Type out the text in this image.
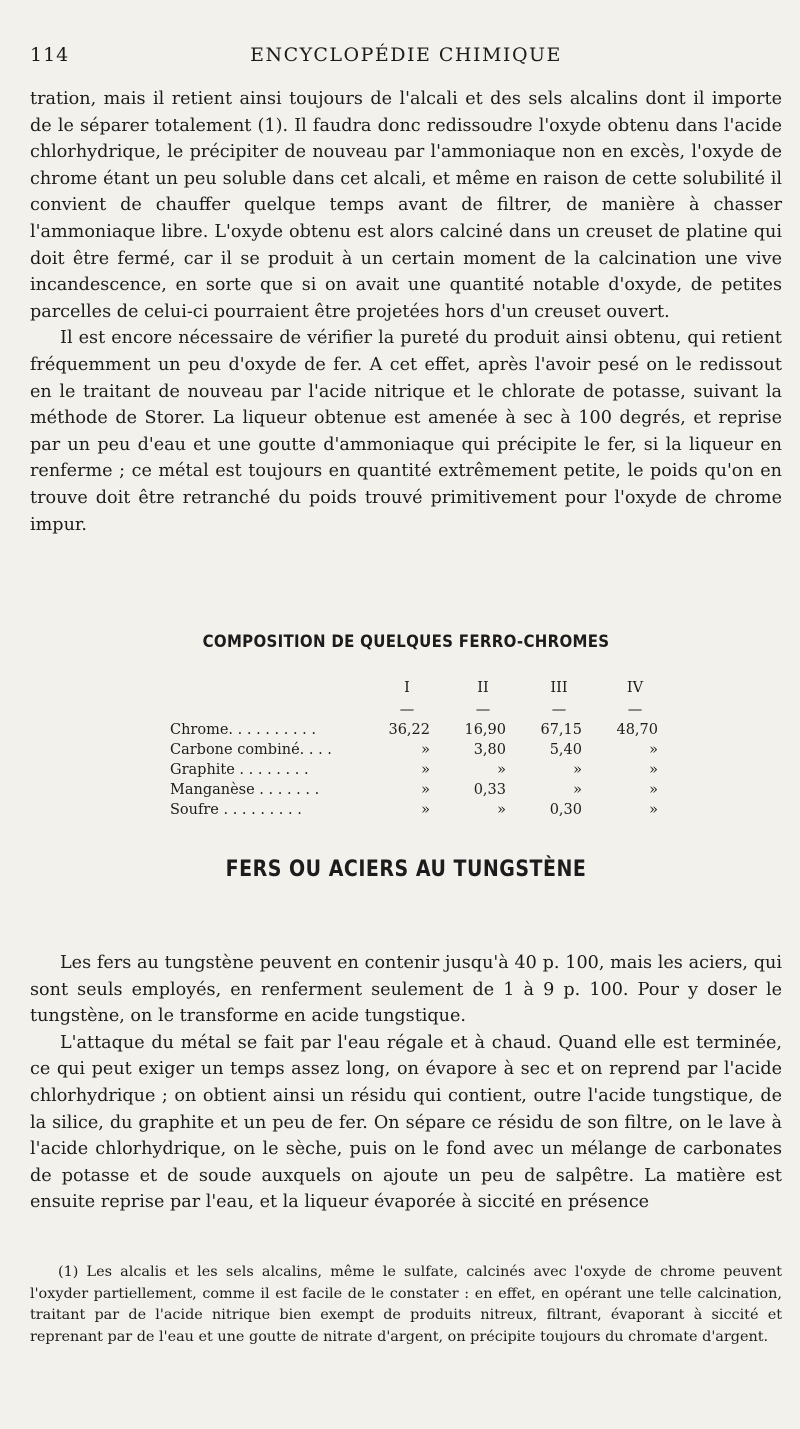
114	ENCYCLOPÉDIE CHIMIQUE

tration, mais il retient ainsi toujours de l'alcali et des sels alcalins dont il importe de le séparer totalement (1). Il faudra donc redissoudre l'oxyde obtenu dans l'acide chlorhydrique, le précipiter de nouveau par l'ammoniaque non en excès, l'oxyde de chrome étant un peu soluble dans cet alcali, et même en raison de cette solubilité il convient de chauffer quelque temps avant de filtrer, de manière à chasser l'ammoniaque libre. L'oxyde obtenu est alors calciné dans un creuset de platine qui doit être fermé, car il se produit à un certain moment de la calcination une vive incandescence, en sorte que si on avait une quantité notable d'oxyde, de petites parcelles de celui-ci pourraient être projetées hors d'un creuset ouvert.

Il est encore nécessaire de vérifier la pureté du produit ainsi obtenu, qui retient fréquemment un peu d'oxyde de fer. A cet effet, après l'avoir pesé on le redissout en le traitant de nouveau par l'acide nitrique et le chlorate de potasse, suivant la méthode de Storer. La liqueur obtenue est amenée à sec à 100 degrés, et reprise par un peu d'eau et une goutte d'ammoniaque qui précipite le fer, si la liqueur en renferme ; ce métal est toujours en quantité extrêmement petite, le poids qu'on en trouve doit être retranché du poids trouvé primitivement pour l'oxyde de chrome impur.

COMPOSITION DE QUELQUES FERRO-CHROMES
I	II	III	IV
—	—	—	—
Chrome. . . . . . . . . .	36,22	16,90	67,15	48,70
Carbone combiné. . . .	»	3,80	5,40	»
Graphite . . . . . . . .	»	»	»	»
Manganèse . . . . . . .	»	0,33	»	»
Soufre . . . . . . . . .	»	»	0,30	»
FERS OU ACIERS AU TUNGSTÈNE

Les fers au tungstène peuvent en contenir jusqu'à 40 p. 100, mais les aciers, qui sont seuls employés, en renferment seulement de 1 à 9 p. 100. Pour y doser le tungstène, on le transforme en acide tungstique.

L'attaque du métal se fait par l'eau régale et à chaud. Quand elle est terminée, ce qui peut exiger un temps assez long, on évapore à sec et on reprend par l'acide chlorhydrique ; on obtient ainsi un résidu qui contient, outre l'acide tungstique, de la silice, du graphite et un peu de fer. On sépare ce résidu de son filtre, on le lave à l'acide chlorhydrique, on le sèche, puis on le fond avec un mélange de carbonates de potasse et de soude auxquels on ajoute un peu de salpêtre. La matière est ensuite reprise par l'eau, et la liqueur évaporée à siccité en présence

(1) Les alcalis et les sels alcalins, même le sulfate, calcinés avec l'oxyde de chrome peuvent l'oxyder partiellement, comme il est facile de le constater : en effet, en opérant une telle calcination, traitant par de l'acide nitrique bien exempt de produits nitreux, filtrant, évaporant à siccité et reprenant par de l'eau et une goutte de nitrate d'argent, on précipite toujours du chromate d'argent.
